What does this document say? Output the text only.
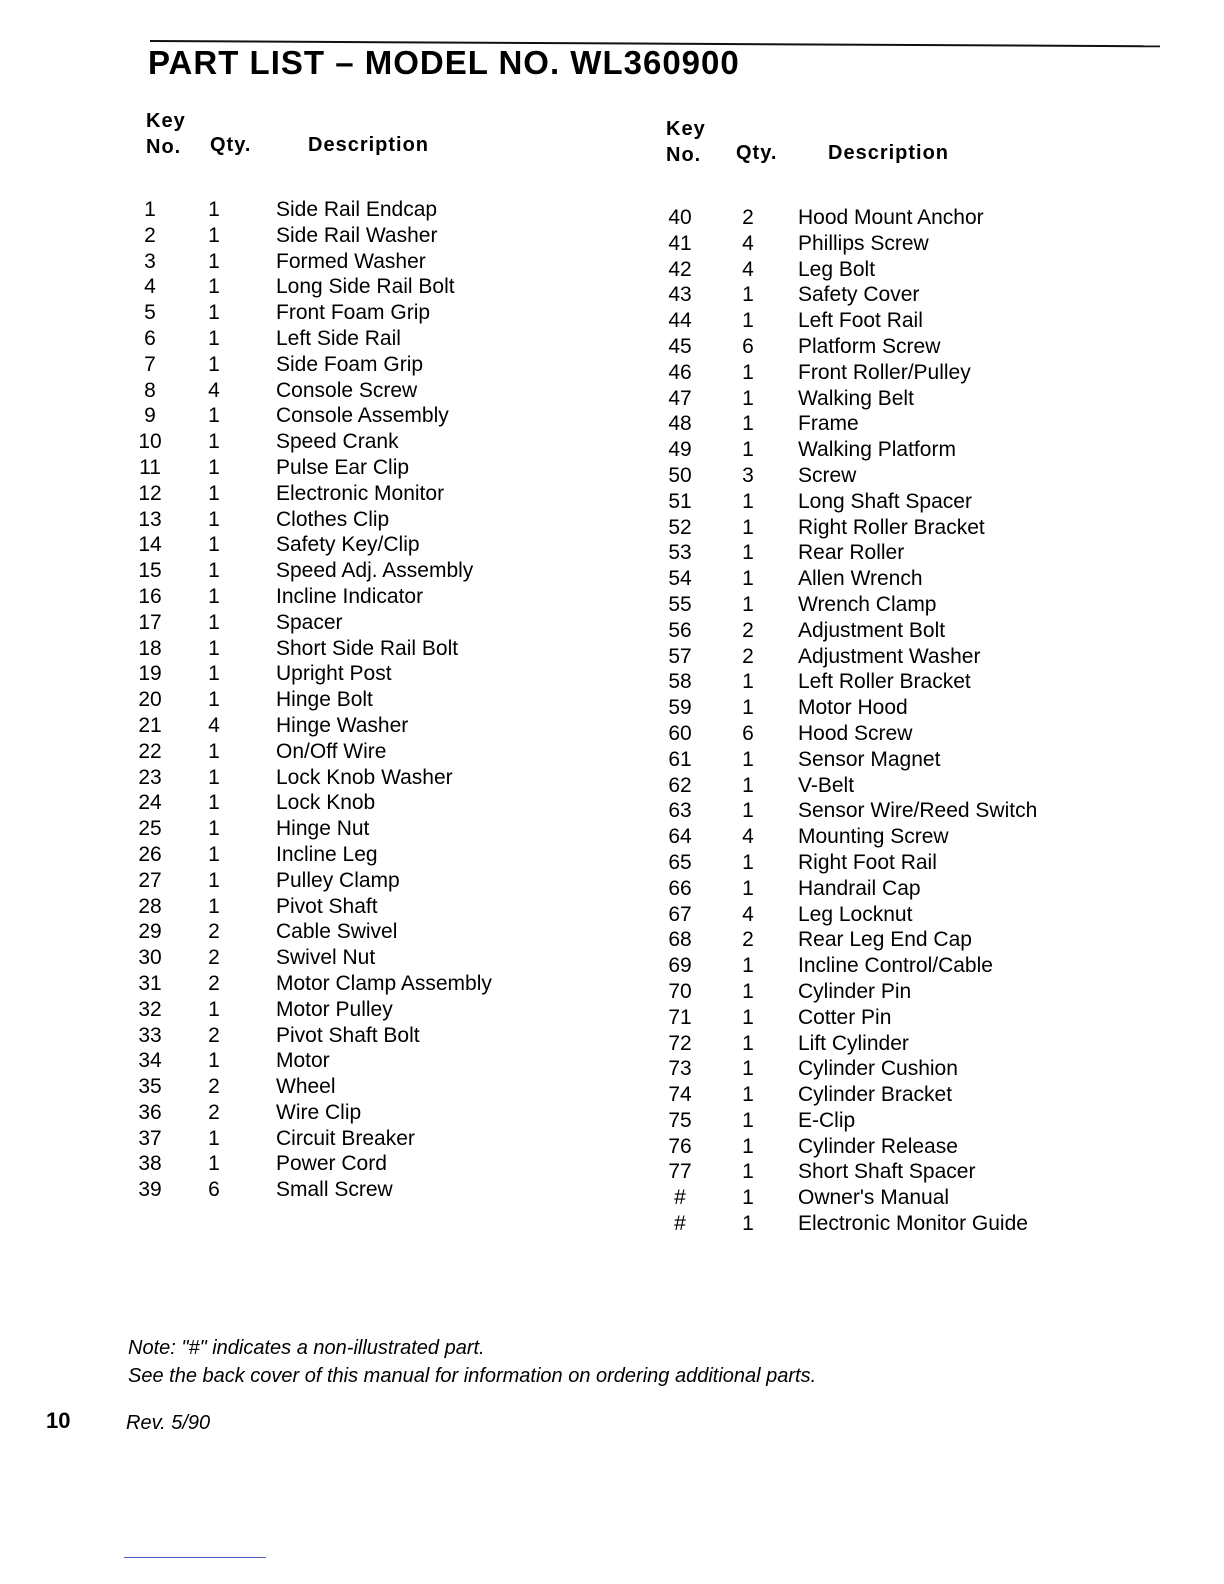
PART LIST – MODEL NO. WL360900
Key
No. Qty.	Description
1	1	Side Rail Endcap
2	1	Side Rail Washer
3	1	Formed Washer
4	1	Long Side Rail Bolt
5	1	Front Foam Grip
6	1	Left Side Rail
7	1	Side Foam Grip
8	4	Console Screw
9	1	Console Assembly
10	1	Speed Crank
11	1	Pulse Ear Clip
12	1	Electronic Monitor
13	1	Clothes Clip
14	1	Safety Key/Clip
15	1	Speed Adj. Assembly
16	1	Incline Indicator
17	1	Spacer
18	1	Short Side Rail Bolt
19	1	Upright Post
20	1	Hinge Bolt
21	4	Hinge Washer
22	1	On/Off Wire
23	1	Lock Knob Washer
24	1	Lock Knob
25	1	Hinge Nut
26	1	Incline Leg
27	1	Pulley Clamp
28	1	Pivot Shaft
29	2	Cable Swivel
30	2	Swivel Nut
31	2	Motor Clamp Assembly
32	1	Motor Pulley
33	2	Pivot Shaft Bolt
34	1	Motor
35	2	Wheel
36	2	Wire Clip
37	1	Circuit Breaker
38	1	Power Cord
39	6	Small Screw
Key
No. Qty.	Description
40	2 Hood Mount Anchor
41	4 Phillips Screw
42	4 Leg Bolt
43	1 Safety Cover
44	1 Left Foot Rail
45	6 Platform Screw
46	1 Front Roller/Pulley
47	1 Walking Belt
48	1 Frame
49	1 Walking Platform
50	3 Screw
51	1 Long Shaft Spacer
52	1 Right Roller Bracket
53	1 Rear Roller
54	1 Allen Wrench
55	1 Wrench Clamp
56	2 Adjustment Bolt
57	2 Adjustment Washer
58	1 Left Roller Bracket
59	1 Motor Hood
60	6 Hood Screw
61	1 Sensor Magnet
62	1 V-Belt
63	1 Sensor Wire/Reed Switch
64	4 Mounting Screw
65	1 Right Foot Rail
66	1 Handrail Cap
67	4 Leg Locknut
68	2 Rear Leg End Cap
69	1 Incline Control/Cable
70	1 Cylinder Pin
71	1 Cotter Pin
72	1 Lift Cylinder
73	1 Cylinder Cushion
74	1 Cylinder Bracket
75	1 E-Clip
76	1 Cylinder Release
77	1 Short Shaft Spacer
#	1 Owner's Manual
#	1 Electronic Monitor Guide

Note: "#" indicates a non-illustrated part.
See the back cover of this manual for information on ordering additional parts.

10	Rev. 5/90
